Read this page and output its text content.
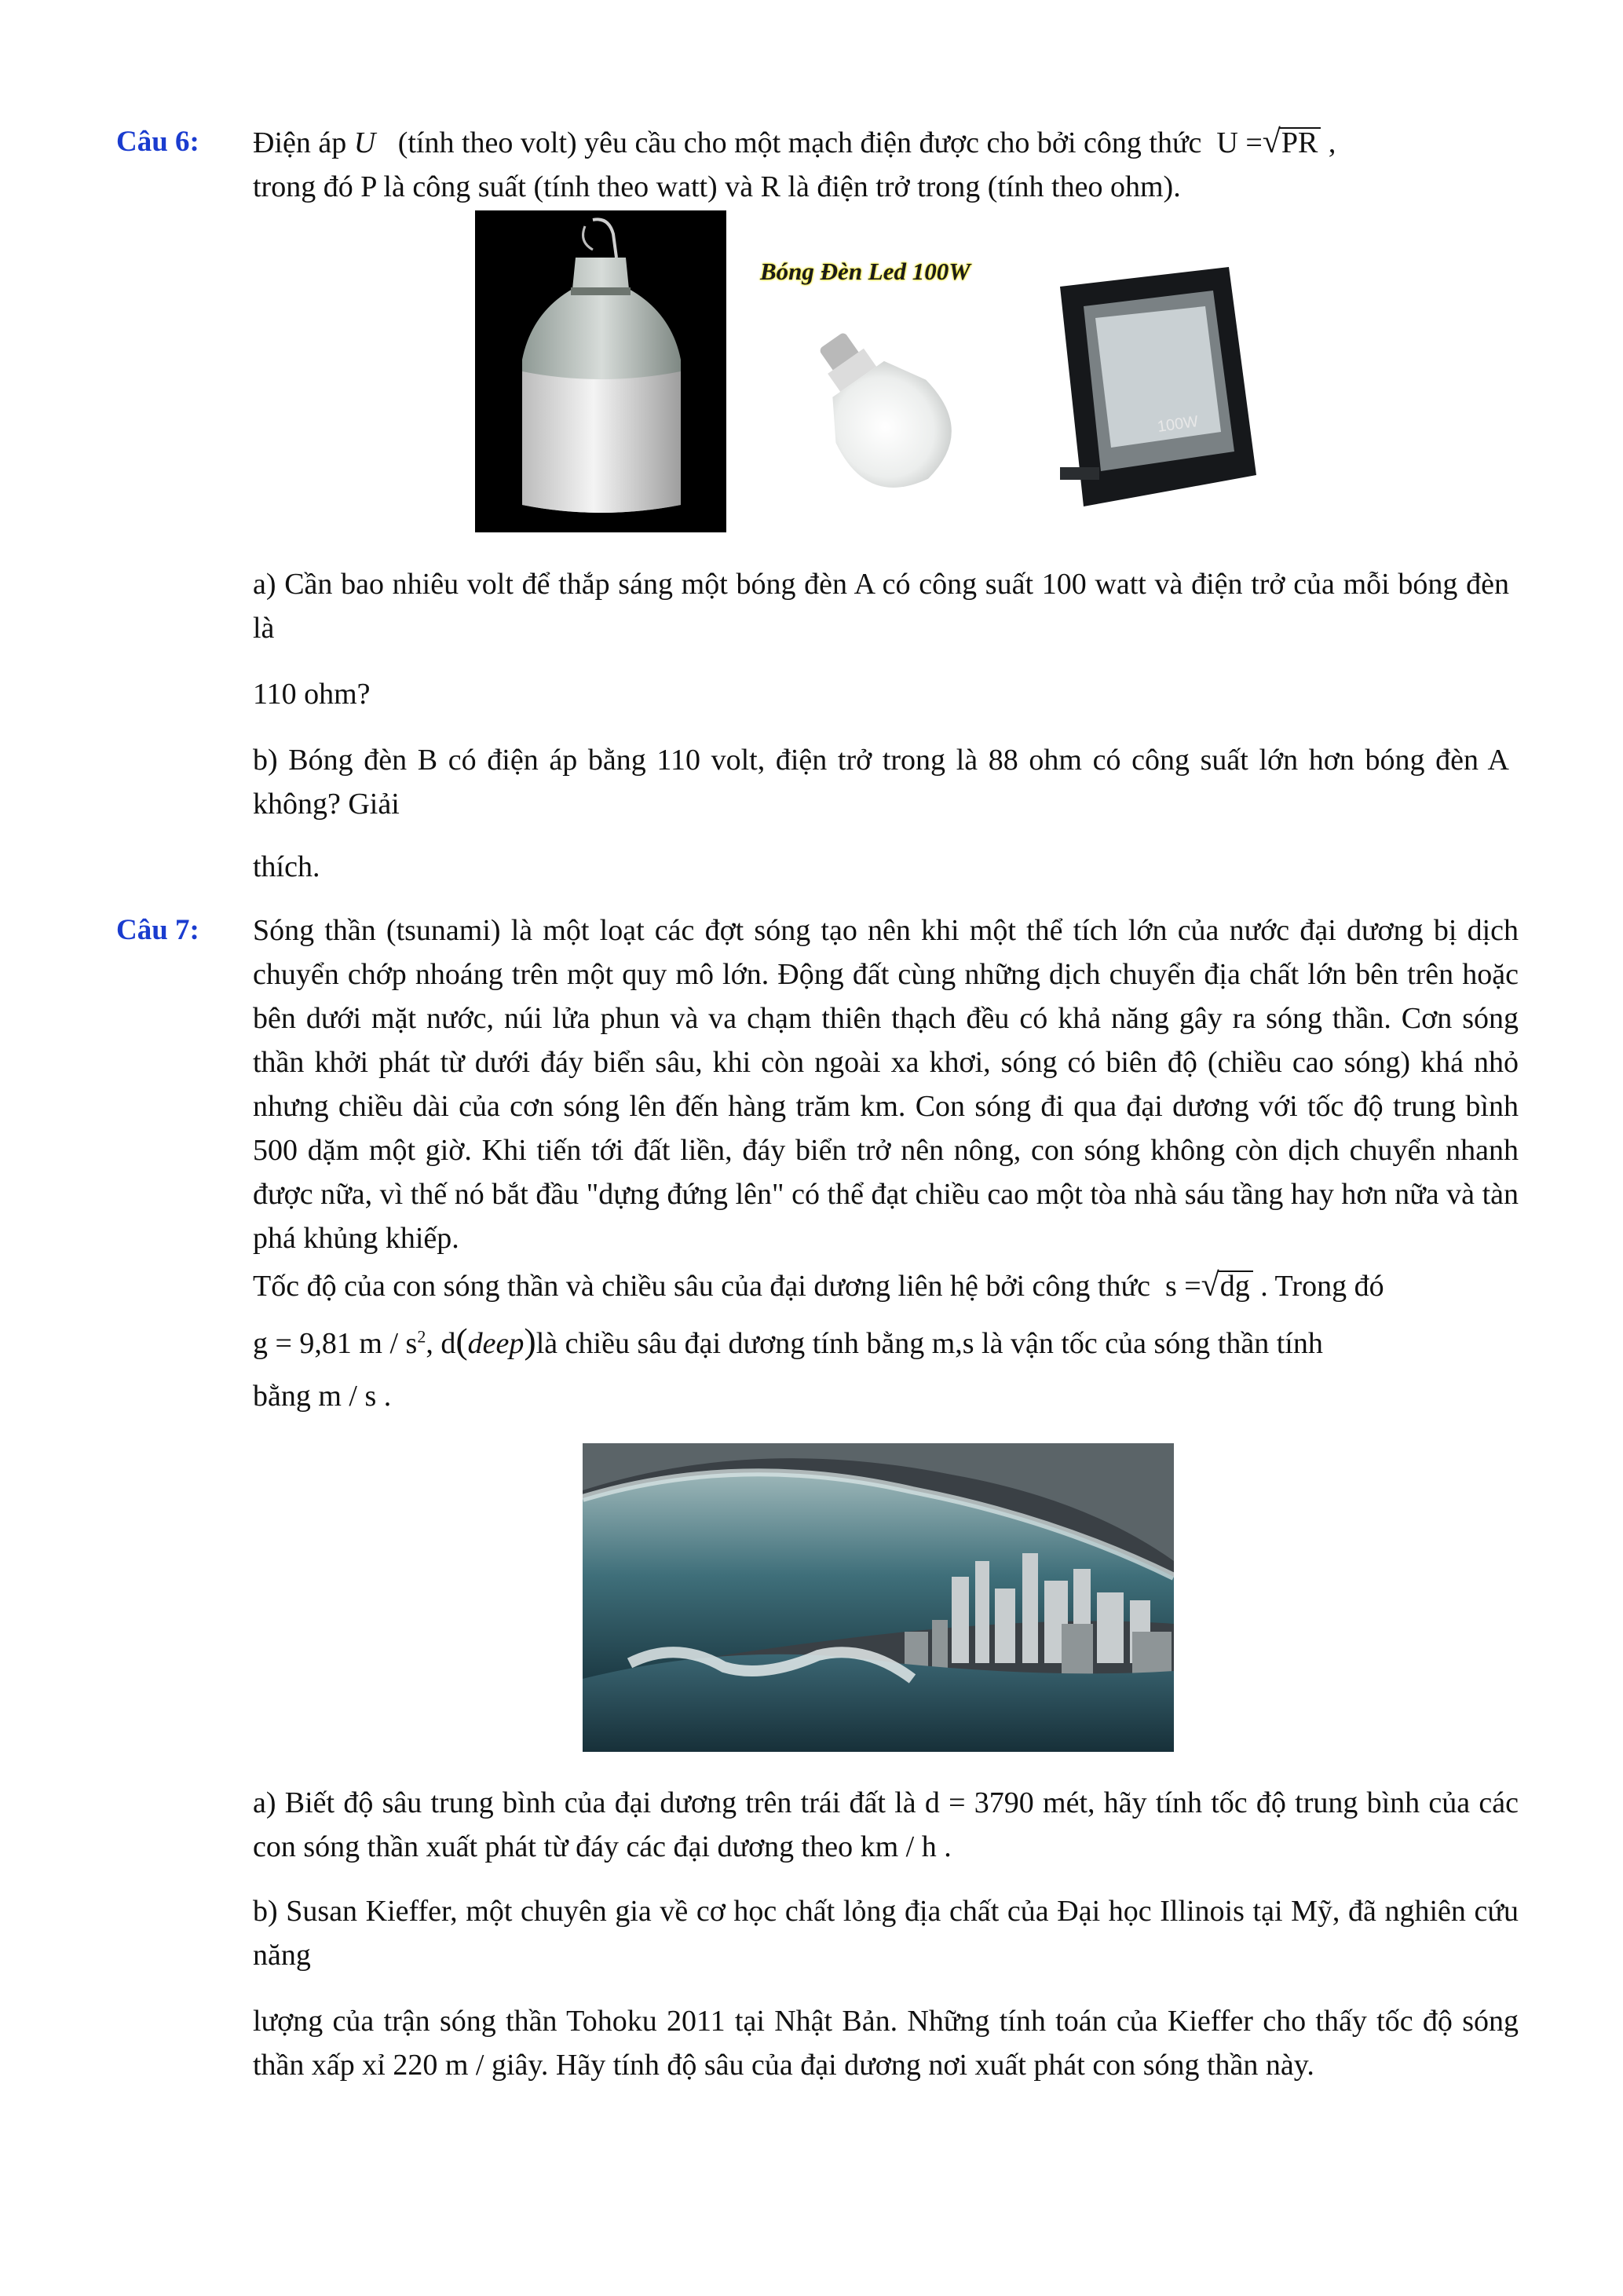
Câu 6: Điện áp U (tính theo volt) yêu cầu cho một mạch điện được cho bởi công thức U =√PR ,
trong đó P là công suất (tính theo watt) và R là điện trở trong (tính theo ohm).
Bóng Đèn Led 100W
100W
a) Cần bao nhiêu volt để thắp sáng một bóng đèn A có công suất 100 watt và điện trở của mỗi bóng đèn là
110 ohm?
b) Bóng đèn B có điện áp bằng 110 volt, điện trở trong là 88 ohm có công suất lớn hơn bóng đèn A không? Giải
thích.
Câu 7: Sóng thần (tsunami) là một loạt các đợt sóng tạo nên khi một thể tích lớn của nước đại dương bị dịch chuyển chớp nhoáng trên một quy mô lớn. Động đất cùng những dịch chuyển địa chất lớn bên trên hoặc bên dưới mặt nước, núi lửa phun và va chạm thiên thạch đều có khả năng gây ra sóng thần. Cơn sóng thần khởi phát từ dưới đáy biển sâu, khi còn ngoài xa khơi, sóng có biên độ (chiều cao sóng) khá nhỏ nhưng chiều dài của cơn sóng lên đến hàng trăm km. Con sóng đi qua đại dương với tốc độ trung bình 500 dặm một giờ. Khi tiến tới đất liền, đáy biển trở nên nông, con sóng không còn dịch chuyển nhanh được nữa, vì thế nó bắt đầu "dựng đứng lên" có thể đạt chiều cao một tòa nhà sáu tầng hay hơn nữa và tàn phá khủng khiếp.
Tốc độ của con sóng thần và chiều sâu của đại dương liên hệ bởi công thức s =√dg . Trong đó
g = 9,81 m / $s^2$, d(deep)là chiều sâu đại dương tính bằng m,s là vận tốc của sóng thần tính
bằng m / s .
a) Biết độ sâu trung bình của đại dương trên trái đất là d = 3790 mét, hãy tính tốc độ trung bình của các con sóng thần xuất phát từ đáy các đại dương theo km / h .
b) Susan Kieffer, một chuyên gia về cơ học chất lỏng địa chất của Đại học Illinois tại Mỹ, đã nghiên cứu năng
lượng của trận sóng thần Tohoku 2011 tại Nhật Bản. Những tính toán của Kieffer cho thấy tốc độ sóng thần xấp xỉ 220 m / giây. Hãy tính độ sâu của đại dương nơi xuất phát con sóng thần này.
